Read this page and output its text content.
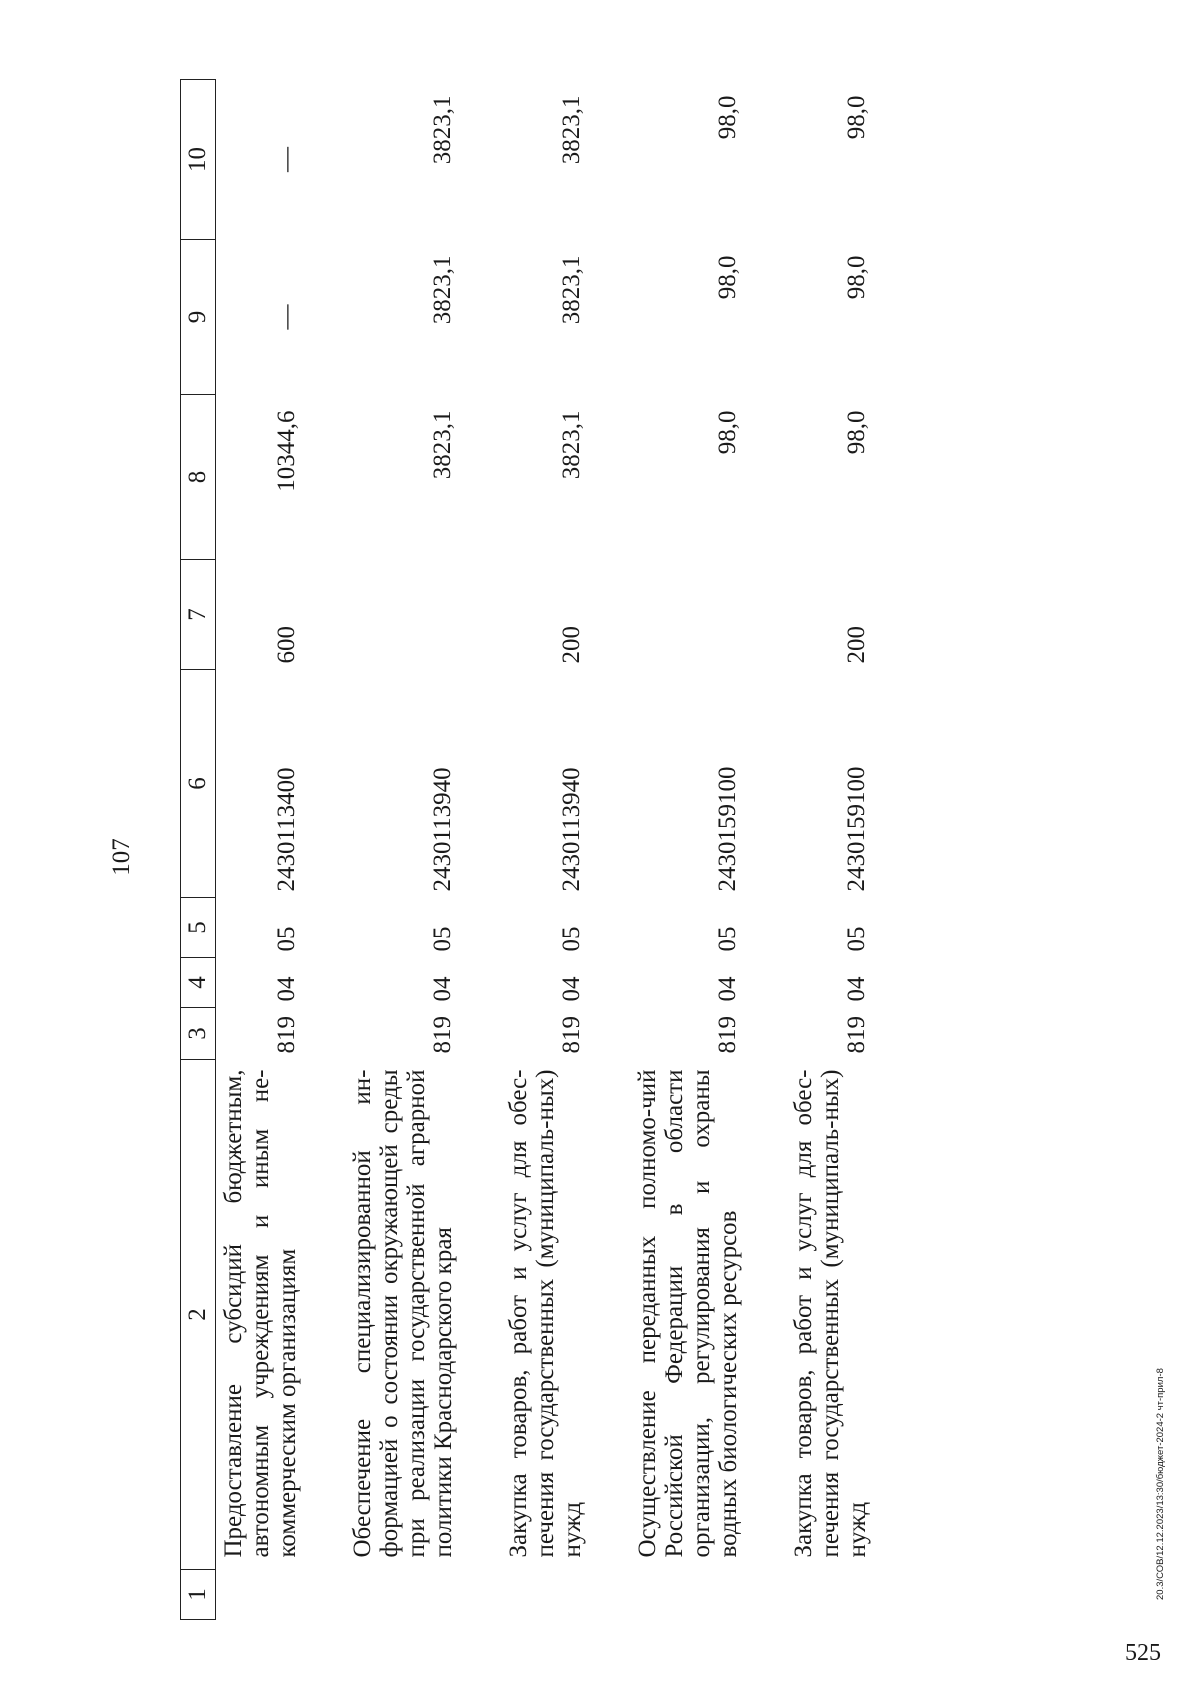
107
1	2	3	4	5	6	7	8	9	10
	Предоставление субсидий бюджетным, автономным учреждениям и иным не-коммерческим организациям	819	04	05	2430113400	600	10344,6	—	—
	Обеспечение специализированной ин-формацией о состоянии окружающей среды при реализации государственной аграрной политики Краснодарского края	819	04	05	2430113940		3823,1	3823,1	3823,1
	Закупка товаров, работ и услуг для обес-печения государственных (муниципаль-ных) нужд	819	04	05	2430113940	200	3823,1	3823,1	3823,1
	Осуществление переданных полномо-чий Российской Федерации в области организации, регулирования и охраны водных биологических ресурсов	819	04	05	2430159100		98,0	98,0	98,0
	Закупка товаров, работ и услуг для обес-печения государственных (муниципаль-ных) нужд	819	04	05	2430159100	200	98,0	98,0	98,0
20.3/СОВ/12.12.2023/13:30/бюджет-2024-2 чт-прил-8
525
